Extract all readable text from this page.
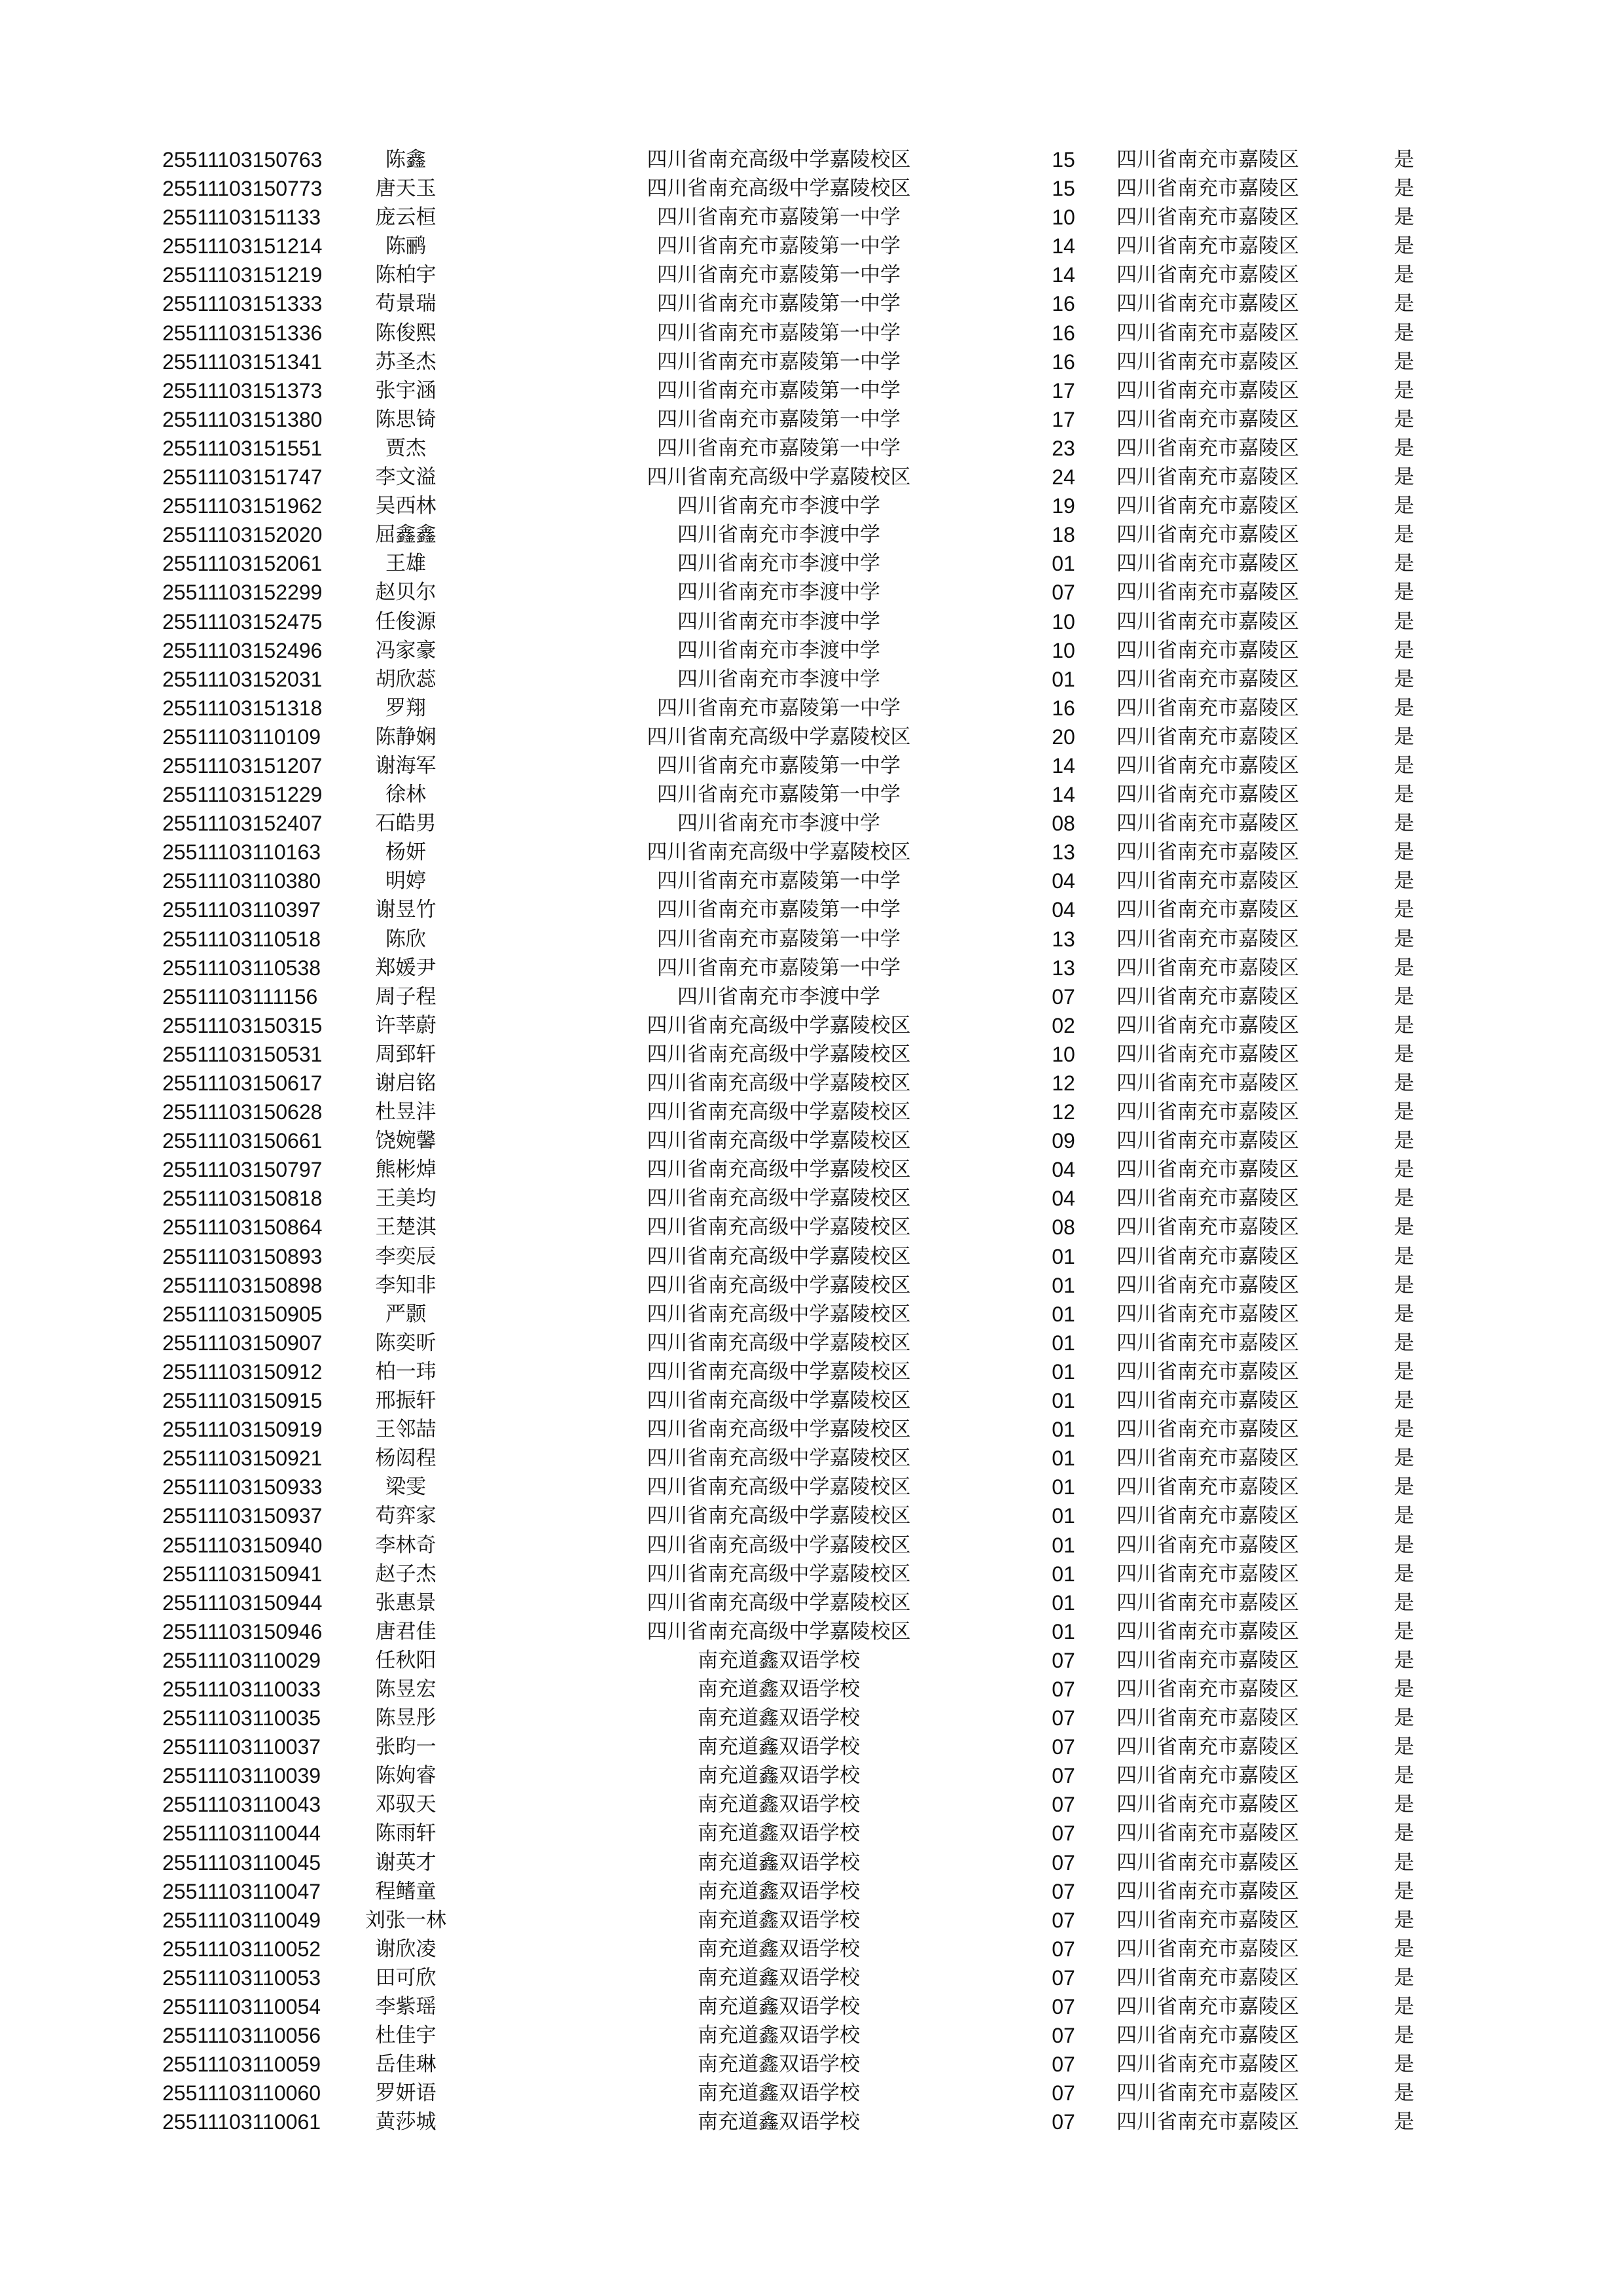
25511103150763	陈鑫	四川省南充高级中学嘉陵校区	15	四川省南充市嘉陵区	是
25511103150773	唐天玉	四川省南充高级中学嘉陵校区	15	四川省南充市嘉陵区	是
25511103151133	庞云桓	四川省南充市嘉陵第一中学	10	四川省南充市嘉陵区	是
25511103151214	陈鹂	四川省南充市嘉陵第一中学	14	四川省南充市嘉陵区	是
25511103151219	陈柏宇	四川省南充市嘉陵第一中学	14	四川省南充市嘉陵区	是
25511103151333	苟景瑞	四川省南充市嘉陵第一中学	16	四川省南充市嘉陵区	是
25511103151336	陈俊熙	四川省南充市嘉陵第一中学	16	四川省南充市嘉陵区	是
25511103151341	苏圣杰	四川省南充市嘉陵第一中学	16	四川省南充市嘉陵区	是
25511103151373	张宇涵	四川省南充市嘉陵第一中学	17	四川省南充市嘉陵区	是
25511103151380	陈思锜	四川省南充市嘉陵第一中学	17	四川省南充市嘉陵区	是
25511103151551	贾杰	四川省南充市嘉陵第一中学	23	四川省南充市嘉陵区	是
25511103151747	李文溢	四川省南充高级中学嘉陵校区	24	四川省南充市嘉陵区	是
25511103151962	吴西林	四川省南充市李渡中学	19	四川省南充市嘉陵区	是
25511103152020	屈鑫鑫	四川省南充市李渡中学	18	四川省南充市嘉陵区	是
25511103152061	王雄	四川省南充市李渡中学	01	四川省南充市嘉陵区	是
25511103152299	赵贝尔	四川省南充市李渡中学	07	四川省南充市嘉陵区	是
25511103152475	任俊源	四川省南充市李渡中学	10	四川省南充市嘉陵区	是
25511103152496	冯家豪	四川省南充市李渡中学	10	四川省南充市嘉陵区	是
25511103152031	胡欣蕊	四川省南充市李渡中学	01	四川省南充市嘉陵区	是
25511103151318	罗翔	四川省南充市嘉陵第一中学	16	四川省南充市嘉陵区	是
25511103110109	陈静娴	四川省南充高级中学嘉陵校区	20	四川省南充市嘉陵区	是
25511103151207	谢海军	四川省南充市嘉陵第一中学	14	四川省南充市嘉陵区	是
25511103151229	徐林	四川省南充市嘉陵第一中学	14	四川省南充市嘉陵区	是
25511103152407	石皓男	四川省南充市李渡中学	08	四川省南充市嘉陵区	是
25511103110163	杨妍	四川省南充高级中学嘉陵校区	13	四川省南充市嘉陵区	是
25511103110380	明婷	四川省南充市嘉陵第一中学	04	四川省南充市嘉陵区	是
25511103110397	谢昱竹	四川省南充市嘉陵第一中学	04	四川省南充市嘉陵区	是
25511103110518	陈欣	四川省南充市嘉陵第一中学	13	四川省南充市嘉陵区	是
25511103110538	郑媛尹	四川省南充市嘉陵第一中学	13	四川省南充市嘉陵区	是
25511103111156	周子程	四川省南充市李渡中学	07	四川省南充市嘉陵区	是
25511103150315	许莘蔚	四川省南充高级中学嘉陵校区	02	四川省南充市嘉陵区	是
25511103150531	周郅轩	四川省南充高级中学嘉陵校区	10	四川省南充市嘉陵区	是
25511103150617	谢启铭	四川省南充高级中学嘉陵校区	12	四川省南充市嘉陵区	是
25511103150628	杜昱沣	四川省南充高级中学嘉陵校区	12	四川省南充市嘉陵区	是
25511103150661	饶婉馨	四川省南充高级中学嘉陵校区	09	四川省南充市嘉陵区	是
25511103150797	熊彬焯	四川省南充高级中学嘉陵校区	04	四川省南充市嘉陵区	是
25511103150818	王美均	四川省南充高级中学嘉陵校区	04	四川省南充市嘉陵区	是
25511103150864	王楚淇	四川省南充高级中学嘉陵校区	08	四川省南充市嘉陵区	是
25511103150893	李奕辰	四川省南充高级中学嘉陵校区	01	四川省南充市嘉陵区	是
25511103150898	李知非	四川省南充高级中学嘉陵校区	01	四川省南充市嘉陵区	是
25511103150905	严颢	四川省南充高级中学嘉陵校区	01	四川省南充市嘉陵区	是
25511103150907	陈奕昕	四川省南充高级中学嘉陵校区	01	四川省南充市嘉陵区	是
25511103150912	柏一玮	四川省南充高级中学嘉陵校区	01	四川省南充市嘉陵区	是
25511103150915	邢振轩	四川省南充高级中学嘉陵校区	01	四川省南充市嘉陵区	是
25511103150919	王邻喆	四川省南充高级中学嘉陵校区	01	四川省南充市嘉陵区	是
25511103150921	杨闳程	四川省南充高级中学嘉陵校区	01	四川省南充市嘉陵区	是
25511103150933	梁雯	四川省南充高级中学嘉陵校区	01	四川省南充市嘉陵区	是
25511103150937	苟弈家	四川省南充高级中学嘉陵校区	01	四川省南充市嘉陵区	是
25511103150940	李林奇	四川省南充高级中学嘉陵校区	01	四川省南充市嘉陵区	是
25511103150941	赵子杰	四川省南充高级中学嘉陵校区	01	四川省南充市嘉陵区	是
25511103150944	张惠景	四川省南充高级中学嘉陵校区	01	四川省南充市嘉陵区	是
25511103150946	唐君佳	四川省南充高级中学嘉陵校区	01	四川省南充市嘉陵区	是
25511103110029	任秋阳	南充道鑫双语学校	07	四川省南充市嘉陵区	是
25511103110033	陈昱宏	南充道鑫双语学校	07	四川省南充市嘉陵区	是
25511103110035	陈昱彤	南充道鑫双语学校	07	四川省南充市嘉陵区	是
25511103110037	张昀一	南充道鑫双语学校	07	四川省南充市嘉陵区	是
25511103110039	陈姁睿	南充道鑫双语学校	07	四川省南充市嘉陵区	是
25511103110043	邓驭天	南充道鑫双语学校	07	四川省南充市嘉陵区	是
25511103110044	陈雨轩	南充道鑫双语学校	07	四川省南充市嘉陵区	是
25511103110045	谢英才	南充道鑫双语学校	07	四川省南充市嘉陵区	是
25511103110047	程鳍童	南充道鑫双语学校	07	四川省南充市嘉陵区	是
25511103110049	刘张一林	南充道鑫双语学校	07	四川省南充市嘉陵区	是
25511103110052	谢欣凌	南充道鑫双语学校	07	四川省南充市嘉陵区	是
25511103110053	田可欣	南充道鑫双语学校	07	四川省南充市嘉陵区	是
25511103110054	李紫瑶	南充道鑫双语学校	07	四川省南充市嘉陵区	是
25511103110056	杜佳宇	南充道鑫双语学校	07	四川省南充市嘉陵区	是
25511103110059	岳佳琳	南充道鑫双语学校	07	四川省南充市嘉陵区	是
25511103110060	罗妍语	南充道鑫双语学校	07	四川省南充市嘉陵区	是
25511103110061	黄莎城	南充道鑫双语学校	07	四川省南充市嘉陵区	是
